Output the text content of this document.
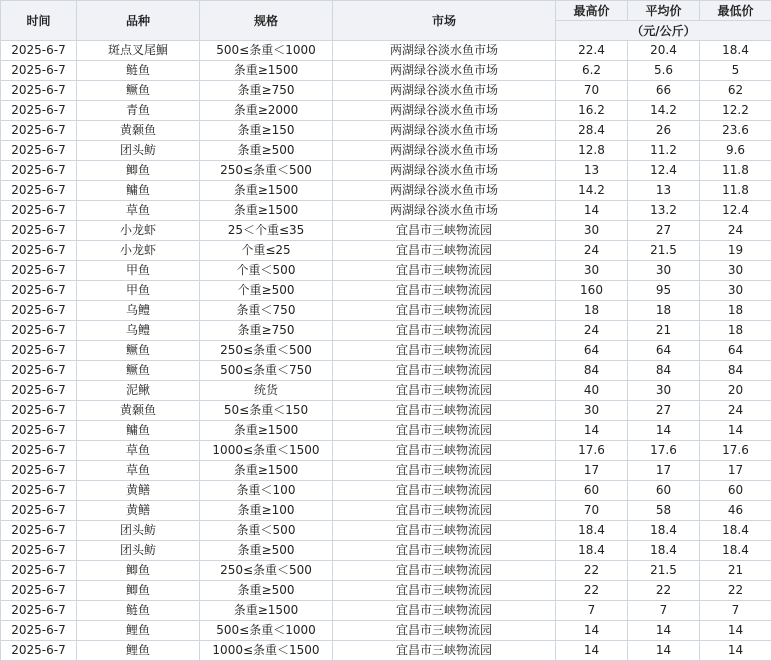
时间	品种	规格	市场	最高价	平均价	最低价
				（元/公斤）		
2025-6-7	斑点叉尾鮰	500≤条重＜1000	两湖绿谷淡水鱼市场	22.4	20.4	18.4
2025-6-7	鲢鱼	条重≥1500	两湖绿谷淡水鱼市场	6.2	5.6	5
2025-6-7	鳜鱼	条重≥750	两湖绿谷淡水鱼市场	70	66	62
2025-6-7	青鱼	条重≥2000	两湖绿谷淡水鱼市场	16.2	14.2	12.2
2025-6-7	黄颡鱼	条重≥150	两湖绿谷淡水鱼市场	28.4	26	23.6
2025-6-7	团头鲂	条重≥500	两湖绿谷淡水鱼市场	12.8	11.2	9.6
2025-6-7	鲫鱼	250≤条重＜500	两湖绿谷淡水鱼市场	13	12.4	11.8
2025-6-7	鳙鱼	条重≥1500	两湖绿谷淡水鱼市场	14.2	13	11.8
2025-6-7	草鱼	条重≥1500	两湖绿谷淡水鱼市场	14	13.2	12.4
2025-6-7	小龙虾	25＜个重≤35	宜昌市三峡物流园	30	27	24
2025-6-7	小龙虾	个重≤25	宜昌市三峡物流园	24	21.5	19
2025-6-7	甲鱼	个重＜500	宜昌市三峡物流园	30	30	30
2025-6-7	甲鱼	个重≥500	宜昌市三峡物流园	160	95	30
2025-6-7	乌鳢	条重＜750	宜昌市三峡物流园	18	18	18
2025-6-7	乌鳢	条重≥750	宜昌市三峡物流园	24	21	18
2025-6-7	鳜鱼	250≤条重＜500	宜昌市三峡物流园	64	64	64
2025-6-7	鳜鱼	500≤条重＜750	宜昌市三峡物流园	84	84	84
2025-6-7	泥鳅	统货	宜昌市三峡物流园	40	30	20
2025-6-7	黄颡鱼	50≤条重＜150	宜昌市三峡物流园	30	27	24
2025-6-7	鳙鱼	条重≥1500	宜昌市三峡物流园	14	14	14
2025-6-7	草鱼	1000≤条重＜1500	宜昌市三峡物流园	17.6	17.6	17.6
2025-6-7	草鱼	条重≥1500	宜昌市三峡物流园	17	17	17
2025-6-7	黄鳝	条重＜100	宜昌市三峡物流园	60	60	60
2025-6-7	黄鳝	条重≥100	宜昌市三峡物流园	70	58	46
2025-6-7	团头鲂	条重＜500	宜昌市三峡物流园	18.4	18.4	18.4
2025-6-7	团头鲂	条重≥500	宜昌市三峡物流园	18.4	18.4	18.4
2025-6-7	鲫鱼	250≤条重＜500	宜昌市三峡物流园	22	21.5	21
2025-6-7	鲫鱼	条重≥500	宜昌市三峡物流园	22	22	22
2025-6-7	鲢鱼	条重≥1500	宜昌市三峡物流园	7	7	7
2025-6-7	鲤鱼	500≤条重＜1000	宜昌市三峡物流园	14	14	14
2025-6-7	鲤鱼	1000≤条重＜1500	宜昌市三峡物流园	14	14	14
